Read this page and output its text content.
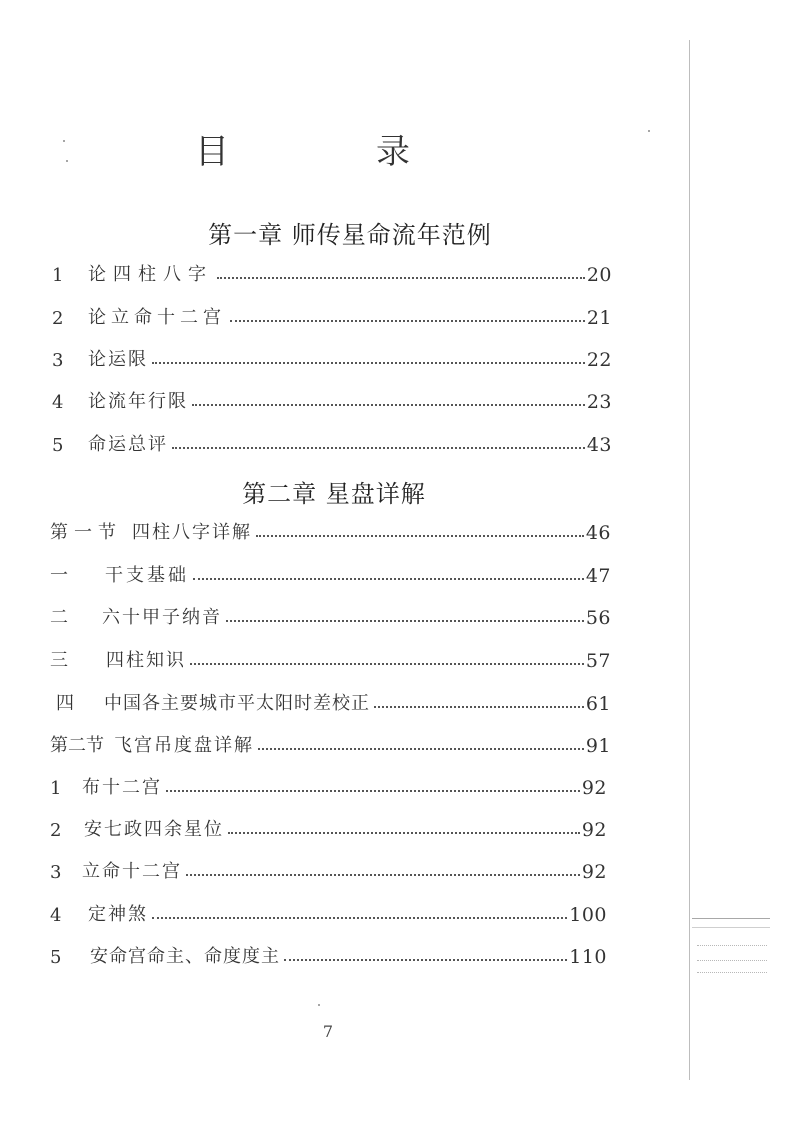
目	录
第一章 师传星命流年范例
1	论四柱八字	20
2	论立命十二宫	21
3	论运限	22
4	论流年行限	23
5	命运总评	43
第二章 星盘详解
第一节 四柱八字详解	46
一	干支基础	47
二	六十甲子纳音	56
三	四柱知识	57
四	中国各主要城市平太阳时差校正	61
第二节 飞宫吊度盘详解	91
1	布十二宫	92
2	安七政四余星位	92
3	立命十二宫	92
4	定神煞	100
5	安命宫命主、命度度主	110
7
